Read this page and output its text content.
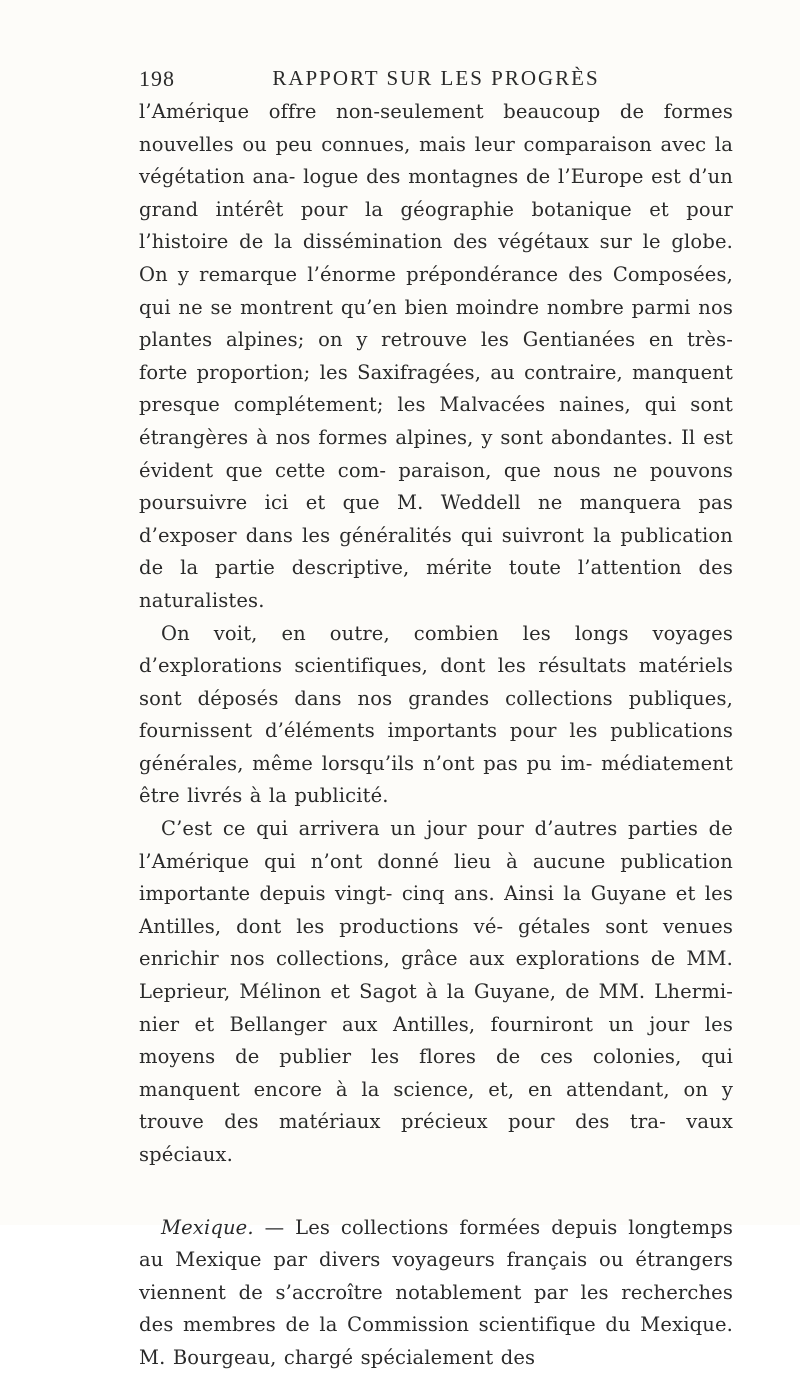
198	RAPPORT SUR LES PROGRÈS

l’Amérique offre non-seulement beaucoup de formes nouvelles ou peu connues, mais leur comparaison avec la végétation ana- logue des montagnes de l’Europe est d’un grand intérêt pour la géographie botanique et pour l’histoire de la dissémination des végétaux sur le globe. On y remarque l’énorme prépondérance des Composées, qui ne se montrent qu’en bien moindre nombre parmi nos plantes alpines; on y retrouve les Gentianées en très- forte proportion; les Saxifragées, au contraire, manquent presque complétement; les Malvacées naines, qui sont étrangères à nos formes alpines, y sont abondantes. Il est évident que cette com- paraison, que nous ne pouvons poursuivre ici et que M. Weddell ne manquera pas d’exposer dans les généralités qui suivront la publication de la partie descriptive, mérite toute l’attention des naturalistes.

On voit, en outre, combien les longs voyages d’explorations scientifiques, dont les résultats matériels sont déposés dans nos grandes collections publiques, fournissent d’éléments importants pour les publications générales, même lorsqu’ils n’ont pas pu im- médiatement être livrés à la publicité.

C’est ce qui arrivera un jour pour d’autres parties de l’Amérique qui n’ont donné lieu à aucune publication importante depuis vingt- cinq ans. Ainsi la Guyane et les Antilles, dont les productions vé- gétales sont venues enrichir nos collections, grâce aux explorations de MM. Leprieur, Mélinon et Sagot à la Guyane, de MM. Lhermi- nier et Bellanger aux Antilles, fourniront un jour les moyens de publier les flores de ces colonies, qui manquent encore à la science, et, en attendant, on y trouve des matériaux précieux pour des tra- vaux spéciaux.

Mexique. — Les collections formées depuis longtemps au Mexique par divers voyageurs français ou étrangers viennent de s’accroître notablement par les recherches des membres de la Commission scientifique du Mexique. M. Bourgeau, chargé spécialement des
